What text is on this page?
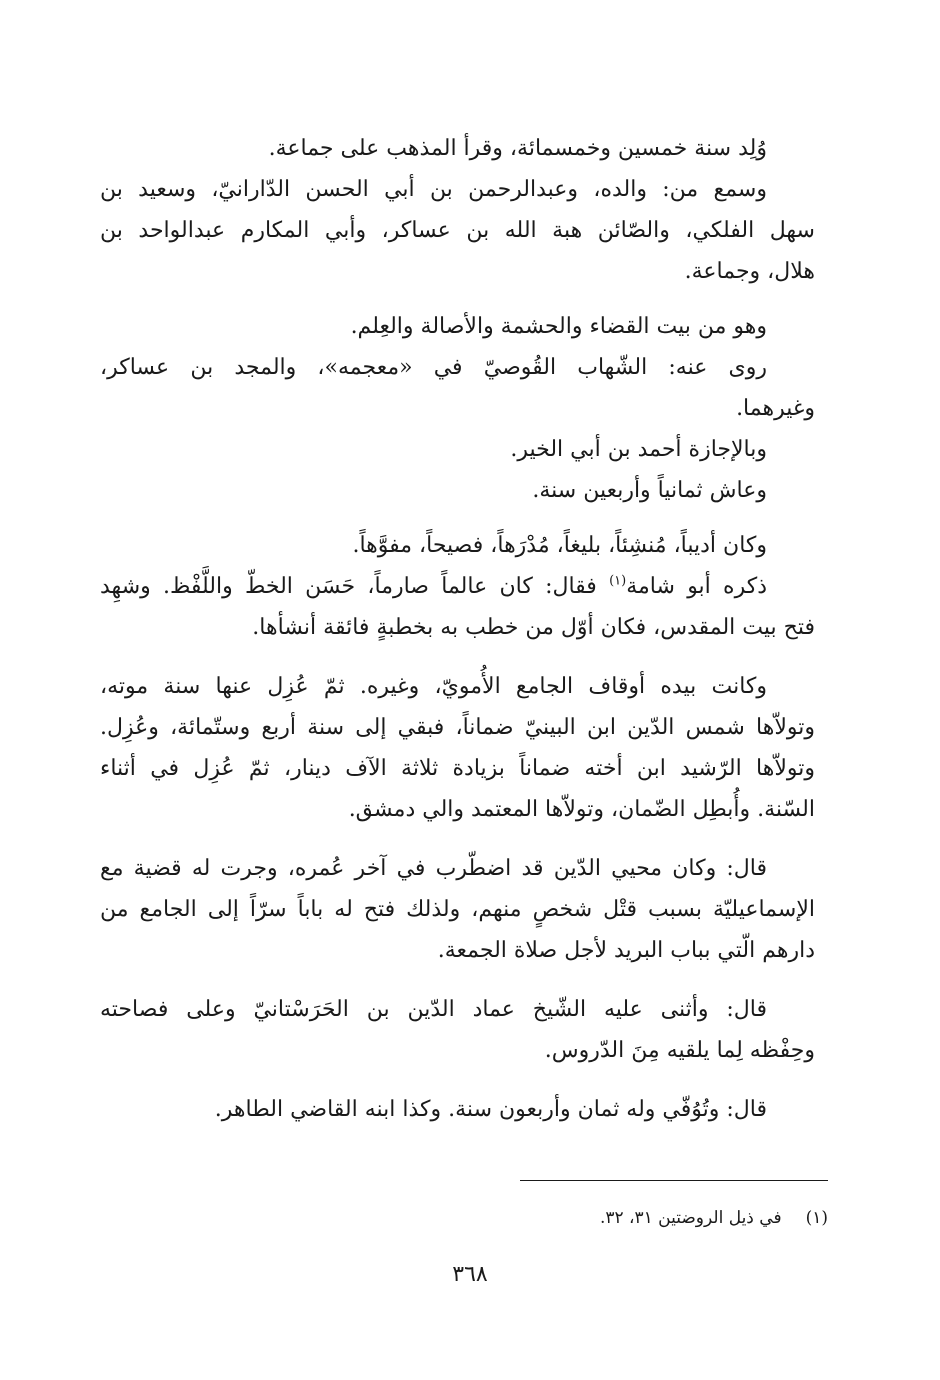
وُلِد سنة خمسين وخمسمائة، وقرأ المذهب على جماعة.
وسمع من: والده، وعبدالرحمن بن أبي الحسن الدّارانيّ، وسعيد بن
سهل الفلكي، والصّائن هبة الله بن عساكر، وأبي المكارم عبدالواحد بن
هلال، وجماعة.
وهو من بيت القضاء والحشمة والأصالة والعِلم.
روى عنه: الشّهاب القُوصيّ في «معجمه»، والمجد بن عساكر،
وغيرهما.
وبالإجازة أحمد بن أبي الخير.
وعاش ثمانياً وأربعين سنة.
وكان أديباً، مُنشِئاً، بليغاً، مُدْرَهاً، فصيحاً، مفوَّهاً.
ذكره أبو شامة$^{(١)}$ فقال: كان عالماً صارماً، حَسَن الخطّ واللَّفْظ. وشهِد
فتح بيت المقدس، فكان أوّل من خطب به بخطبةٍ فائقة أنشأها.
وكانت بيده أوقاف الجامع الأُمويّ، وغيره. ثمّ عُزِل عنها سنة موته،
وتولاّها شمس الدّين ابن البينيّ ضماناً، فبقي إلى سنة أربع وستّمائة، وعُزِل.
وتولاّها الرّشيد ابن أخته ضماناً بزيادة ثلاثة الآف دينار، ثمّ عُزِل في أثناء
السّنة. وأُبطِل الضّمان، وتولاّها المعتمد والي دمشق.
قال: وكان محيي الدّين قد اضطّرب في آخر عُمره، وجرت له قضية مع
الإسماعيليّة بسبب قتْل شخصٍ منهم، ولذلك فتح له باباً سرّاً إلى الجامع من
دارهم الّتي بباب البريد لأجل صلاة الجمعة.
قال: وأثنى عليه الشّيخ عماد الدّين بن الحَرَسْتانيّ وعلى فصاحته
وحِفْظه لِما يلقيه مِنَ الدّروس.
قال: وتُوُفّي وله ثمان وأربعون سنة. وكذا ابنه القاضي الطاهر.
(١)في ذيل الروضتين ٣١، ٣٢.
٣٦٨
